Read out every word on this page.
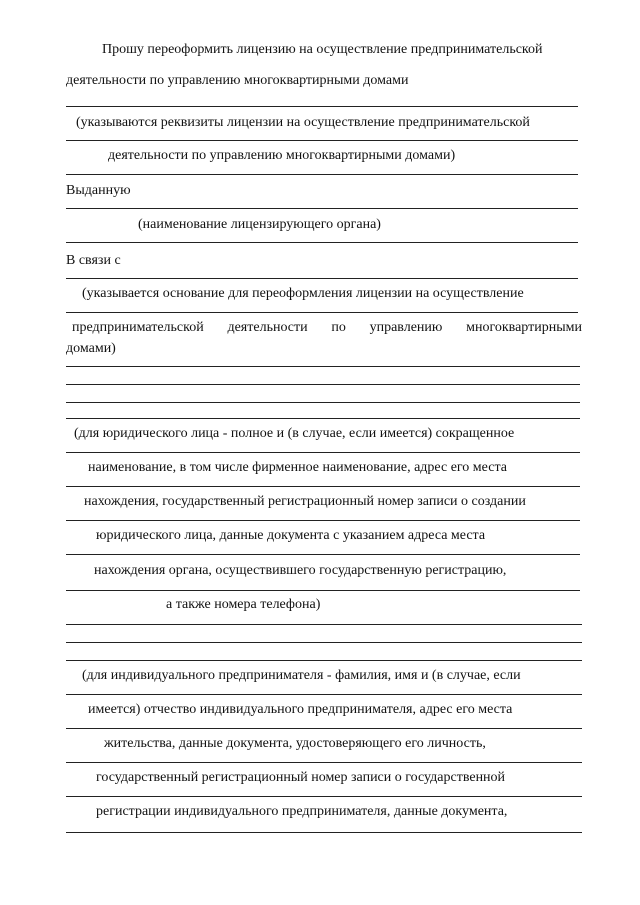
Прошу переоформить лицензию на осуществление предпринимательской
деятельности по управлению многоквартирными домами
(указываются реквизиты лицензии на осуществление предпринимательской
деятельности по управлению многоквартирными домами)
Выданную
(наименование лицензирующего органа)
В связи с
(указывается основание для переоформления лицензии на осуществление
предпринимательской деятельности по управлению многоквартирными
домами)
(для юридического лица - полное и (в случае, если имеется) сокращенное
наименование, в том числе фирменное наименование, адрес его места
нахождения, государственный регистрационный номер записи о создании
юридического лица, данные документа с указанием адреса места
нахождения органа, осуществившего государственную регистрацию,
а также номера телефона)
(для индивидуального предпринимателя - фамилия, имя и (в случае, если
имеется) отчество индивидуального предпринимателя, адрес его места
жительства, данные документа, удостоверяющего его личность,
государственный регистрационный номер записи о государственной
регистрации индивидуального предпринимателя, данные документа,
